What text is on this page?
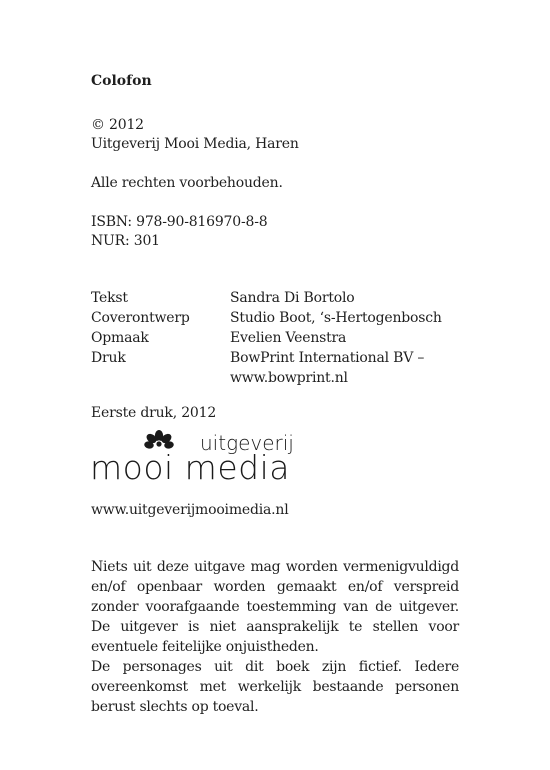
Colofon
© 2012
Uitgeverij Mooi Media, Haren
Alle rechten voorbehouden.
ISBN: 978-90-816970-8-8
NUR: 301
Tekst	Sandra Di Bortolo
Coverontwerp	Studio Boot, ‘s-Hertogenbosch
Opmaak	Evelien Veenstra
Druk	BowPrint International BV –
www.bowprint.nl
Eerste druk, 2012
uitgeverij
mooi media
www.uitgeverijmooimedia.nl

Niets uit deze uitgave mag worden vermenigvuldigd en/of openbaar worden gemaakt en/of verspreid zonder voorafgaande toestemming van de uitgever. De uitgever is niet aansprakelijk te stellen voor eventuele feitelijke onjuistheden.

De personages uit dit boek zijn fictief. Iedere overeenkomst met werkelijk bestaande personen berust slechts op toeval.
